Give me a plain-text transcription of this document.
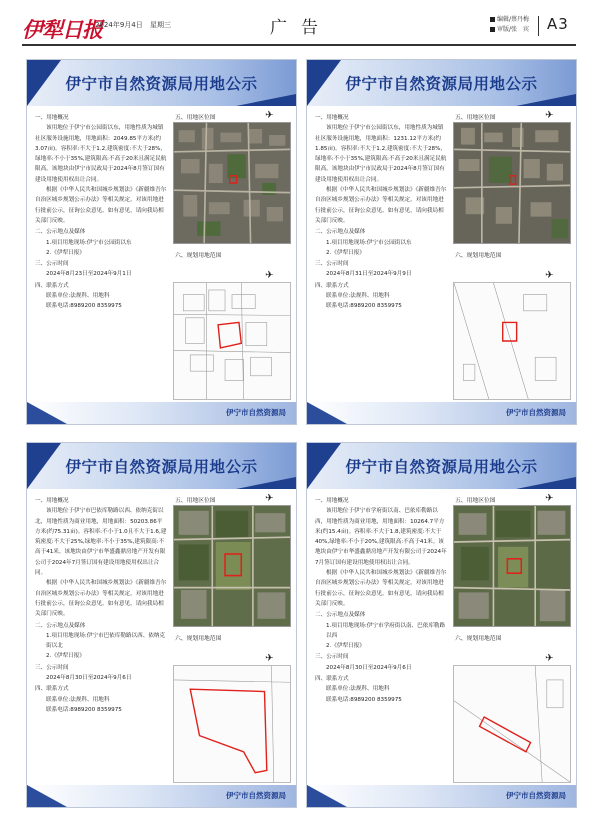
伊犁日报
2024年9月4日 星期三	广告	编辑/蔡丹梅
审版/张　宾 A3
伊宁市自然资源局用地公示
一、用地概况
该用地位于伊宁市公园街以东，用地性质为城镇社区服务设施用地，用地面积：2049.85平方米(约3.07亩)。容积率:不大于1.2,建筑密度:不大于28%,绿地率:不小于35%,建筑限高:不高于20米且满足民航限高。该地块由伊宁市民政局于2024年8月签订国有建设用地使用权出让合同。
根据《中华人民共和国城乡规划法》《新疆维吾尔自治区城乡规划公示办法》等相关规定，对该用地进行批前公示，征询公众意见。如有意见，请向我局相关部门反映。
二、公示地点及媒体
1.项目用地现场:伊宁市公园街以东
2.《伊犁日报》
三、公示时间
2024年8月23日至2024年9月1日
四、联系方式
联系单位:法规科、用地科
联系电话:8989200 8359975
五、用地区位图	✈
六、规划用地范围
✈
伊宁市自然资源局
伊宁市自然资源局用地公示
一、用地概况
该用地位于伊宁市公园街以东，用地性质为城镇社区服务设施用地，用地面积：1231.12平方米(约1.85亩)。容积率:不大于1.2,建筑密度:不大于28%,绿地率:不小于35%,建筑限高:不高于20米且满足民航限高。该地块由伊宁市民政局于2024年8月签订国有建设用地使用权出让合同。
根据《中华人民共和国城乡规划法》《新疆维吾尔自治区城乡规划公示办法》等相关规定，对该用地进行批前公示，征询公众意见。如有意见，请向我局相关部门反映。
二、公示地点及媒体
1.项目用地现场:伊宁市公园街以东
2.《伊犁日报》
三、公示时间
2024年8月31日至2024年9月9日
四、联系方式
联系单位:法规科、用地科
联系电话:8989200 8359975
五、用地区位图	✈
六、规划用地范围
✈
伊宁市自然资源局
伊宁市自然资源局用地公示
一、用地概况
该用地位于伊宁市巴依库勒路以西、依纳克街以北，用地性质为商业用地，用地面积：50203.86平方米(约75.31亩)。容积率:不小于1.0且不大于1.6,建筑密度:不大于25%,绿地率:不小于35%,建筑限高:不高于41米。该地块由伊宁市华盛鑫鼎房地产开发有限公司于2024年7月签订国有建设用地使用权出让合同。
根据《中华人民共和国城乡规划法》《新疆维吾尔自治区城乡规划公示办法》等相关规定，对该用地进行批前公示，征询公众意见。如有意见，请向我局相关部门反映。
二、公示地点及媒体
1.项目用地现场:伊宁市巴依库勒路以西、依纳克街以北
2.《伊犁日报》
三、公示时间
2024年8月30日至2024年9月6日
四、联系方式
联系单位:法规科、用地科
联系电话:8989200 8359975
五、用地区位图	✈
六、规划用地范围
✈
伊宁市自然资源局
伊宁市自然资源局用地公示
一、用地概况
该用地位于伊宁市学府街以南、巴依库勒路以西，用地性质为商业用地，用地面积：10264.7平方米(约15.4亩)。容积率:不大于1.8,建筑密度:不大于40%,绿地率:不小于20%,建筑限高:不高于41米。该地块由伊宁市华盛鑫鼎房地产开发有限公司于2024年7月签订国有建设用地使用权出让合同。
根据《中华人民共和国城乡规划法》《新疆维吾尔自治区城乡规划公示办法》等相关规定，对该用地进行批前公示，征询公众意见。如有意见，请向我局相关部门反映。
二、公示地点及媒体
1.项目用地现场:伊宁市学府街以南、巴依库勒路以西
2.《伊犁日报》
三、公示时间
2024年8月30日至2024年9月6日
四、联系方式
联系单位:法规科、用地科
联系电话:8989200 8359975
五、用地区位图	✈
六、规划用地范围
✈
伊宁市自然资源局
